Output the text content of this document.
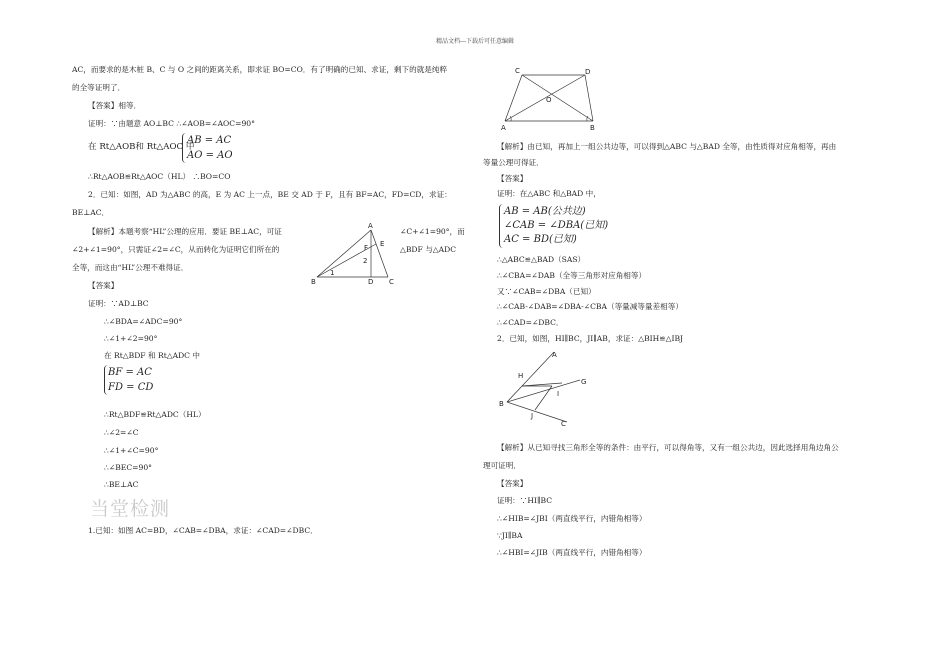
精品文档---下载后可任意编辑
AC，而要求的是木桩 B、C 与 O 之间的距离关系，即求证 BO=CO．有了明确的已知、求证，剩下的就是纯粹
的全等证明了．
【答案】相等．
证明：∵由题意 AO⊥BC ∴∠AOB=∠AOC=90°
在 Rt△AOB和 Rt△AOC 中
AB = AC
AO = AO
∴Rt△AOB≌Rt△AOC（HL） ∴BO=CO
2．已知：如图，AD 为△ABC 的高，E 为 AC 上一点，BE 交 AD 于 F，且有 BF=AC，FD=CD，求证：
BE⊥AC．
【解析】本题考察“HL”公理的应用．要证 BE⊥AC，可证	∠C+∠1=90°，而
∠2+∠1=90°，只需证∠2=∠C，从而转化为证明它们所在的	△BDF 与△ADC
全等，而这由“HL”公理不难得证．
【答案】
证明：∵AD⊥BC
∴∠BDA=∠ADC=90°
∴∠1+∠2=90°
在 Rt△BDF 和 Rt△ADC 中
BF = AC
FD = CD
∴Rt△BDF≌Rt△ADC（HL）
∴∠2=∠C
∴∠1+∠C=90°
∴∠BEC=90°
∴BE⊥AC
当堂检测
1.已知：如图 AC=BD，∠CAB=∠DBA，求证：∠CAD=∠DBC．
A
E
F
2
1
B	D C
C	D
O
A	B
【解析】由已知，再加上一组公共边等，可以得到△ABC 与△BAD 全等，由性质得对应角相等，再由
等量公理可得证．
【答案】
证明：在△ABC 和△BAD 中，
AB = AB(公共边)
∠CAB = ∠DBA(已知)
AC = BD(已知)
∴△ABC≌△BAD（SAS）
∴∠CBA=∠DAB（全等三角形对应角相等）
又∵∠CAB=∠DBA（已知）
∴∠CAB-∠DAB=∠DBA-∠CBA（等量减等量差相等）
∴∠CAD=∠DBC．
2．已知，如图，HI∥BC，JI∥AB，求证：△BIH≌△IBJ
A
H
G
I
B
J
C
【解析】从已知寻找三角形全等的条件：由平行，可以得角等，又有一组公共边，因此选择用角边角公
理可证明．
【答案】
证明：∵HI∥BC
∴∠HIB=∠JBI（两直线平行，内错角相等）
∵JI∥BA
∴∠HBI=∠JIB（两直线平行，内错角相等）
